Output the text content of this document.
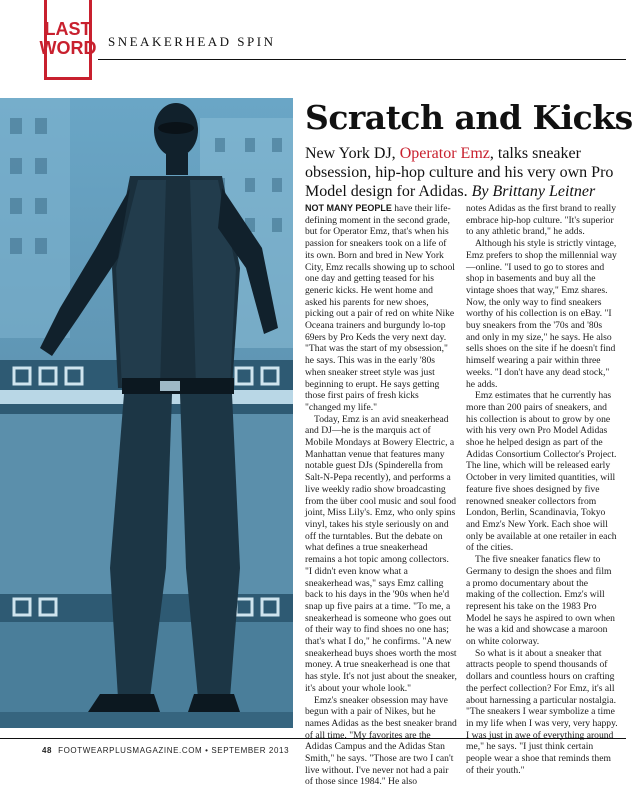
LAST
WORD SNEAKERHEAD SPIN
Scratch and Kicks
New York DJ, Operator Emz, talks sneaker obsession, hip-hop culture and his very own Pro Model design for Adidas. By Brittany Leitner

NOT MANY PEOPLE have their life-defining moment in the second grade, but for Operator Emz, that's when his passion for sneakers took on a life of its own. Born and bred in New York City, Emz recalls showing up to school one day and getting teased for his generic kicks. He went home and asked his parents for new shoes, picking out a pair of red on white Nike Oceana trainers and burgundy lo-top 69ers by Pro Keds the very next day. "That was the start of my obsession," he says. This was in the early '80s when sneaker street style was just beginning to erupt. He says getting those first pairs of fresh kicks "changed my life."

Today, Emz is an avid sneakerhead and DJ—he is the marquis act of Mobile Mondays at Bowery Electric, a Manhattan venue that features many notable guest DJs (Spinderella from Salt-N-Pepa recently), and performs a live weekly radio show broadcasting from the über cool music and soul food joint, Miss Lily's. Emz, who only spins vinyl, takes his style seriously on and off the turntables. But the debate on what defines a true sneakerhead remains a hot topic among collectors. "I didn't even know what a sneakerhead was," says Emz calling back to his days in the '90s when he'd snap up five pairs at a time. "To me, a sneakerhead is someone who goes out of their way to find shoes no one has; that's what I do," he confirms. "A new sneakerhead buys shoes worth the most money. A true sneakerhead is one that has style. It's not just about the sneaker, it's about your whole look."

Emz's sneaker obsession may have begun with a pair of Nikes, but he names Adidas as the best sneaker brand of all time. "My favorites are the Adidas Campus and the Adidas Stan Smith," he says. "Those are two I can't live without. I've never not had a pair of those since 1984." He also

notes Adidas as the first brand to really embrace hip-hop culture. "It's superior to any athletic brand," he adds.

Although his style is strictly vintage, Emz prefers to shop the millennial way—online. "I used to go to stores and shop in basements and buy all the vintage shoes that way," Emz shares. Now, the only way to find sneakers worthy of his collection is on eBay. "I buy sneakers from the '70s and '80s and only in my size," he says. He also sells shoes on the site if he doesn't find himself wearing a pair within three weeks. "I don't have any dead stock," he adds.

Emz estimates that he currently has more than 200 pairs of sneakers, and his collection is about to grow by one with his very own Pro Model Adidas shoe he helped design as part of the Adidas Consortium Collector's Project. The line, which will be released early October in very limited quantities, will feature five shoes designed by five renowned sneaker collectors from London, Berlin, Scandinavia, Tokyo and Emz's New York. Each shoe will only be available at one retailer in each of the cities.

The five sneaker fanatics flew to Germany to design the shoes and film a promo documentary about the making of the collection. Emz's will represent his take on the 1983 Pro Model he says he aspired to own when he was a kid and showcase a maroon on white colorway.

So what is it about a sneaker that attracts people to spend thousands of dollars and countless hours on crafting the perfect collection? For Emz, it's all about harnessing a particular nostalgia. "The sneakers I wear symbolize a time in my life when I was very, very happy. I was just in awe of everything around me," he says. "I just think certain people wear a shoe that reminds them of their youth."

48 FOOTWEARPLUSMAGAZINE.COM • SEPTEMBER 2013
